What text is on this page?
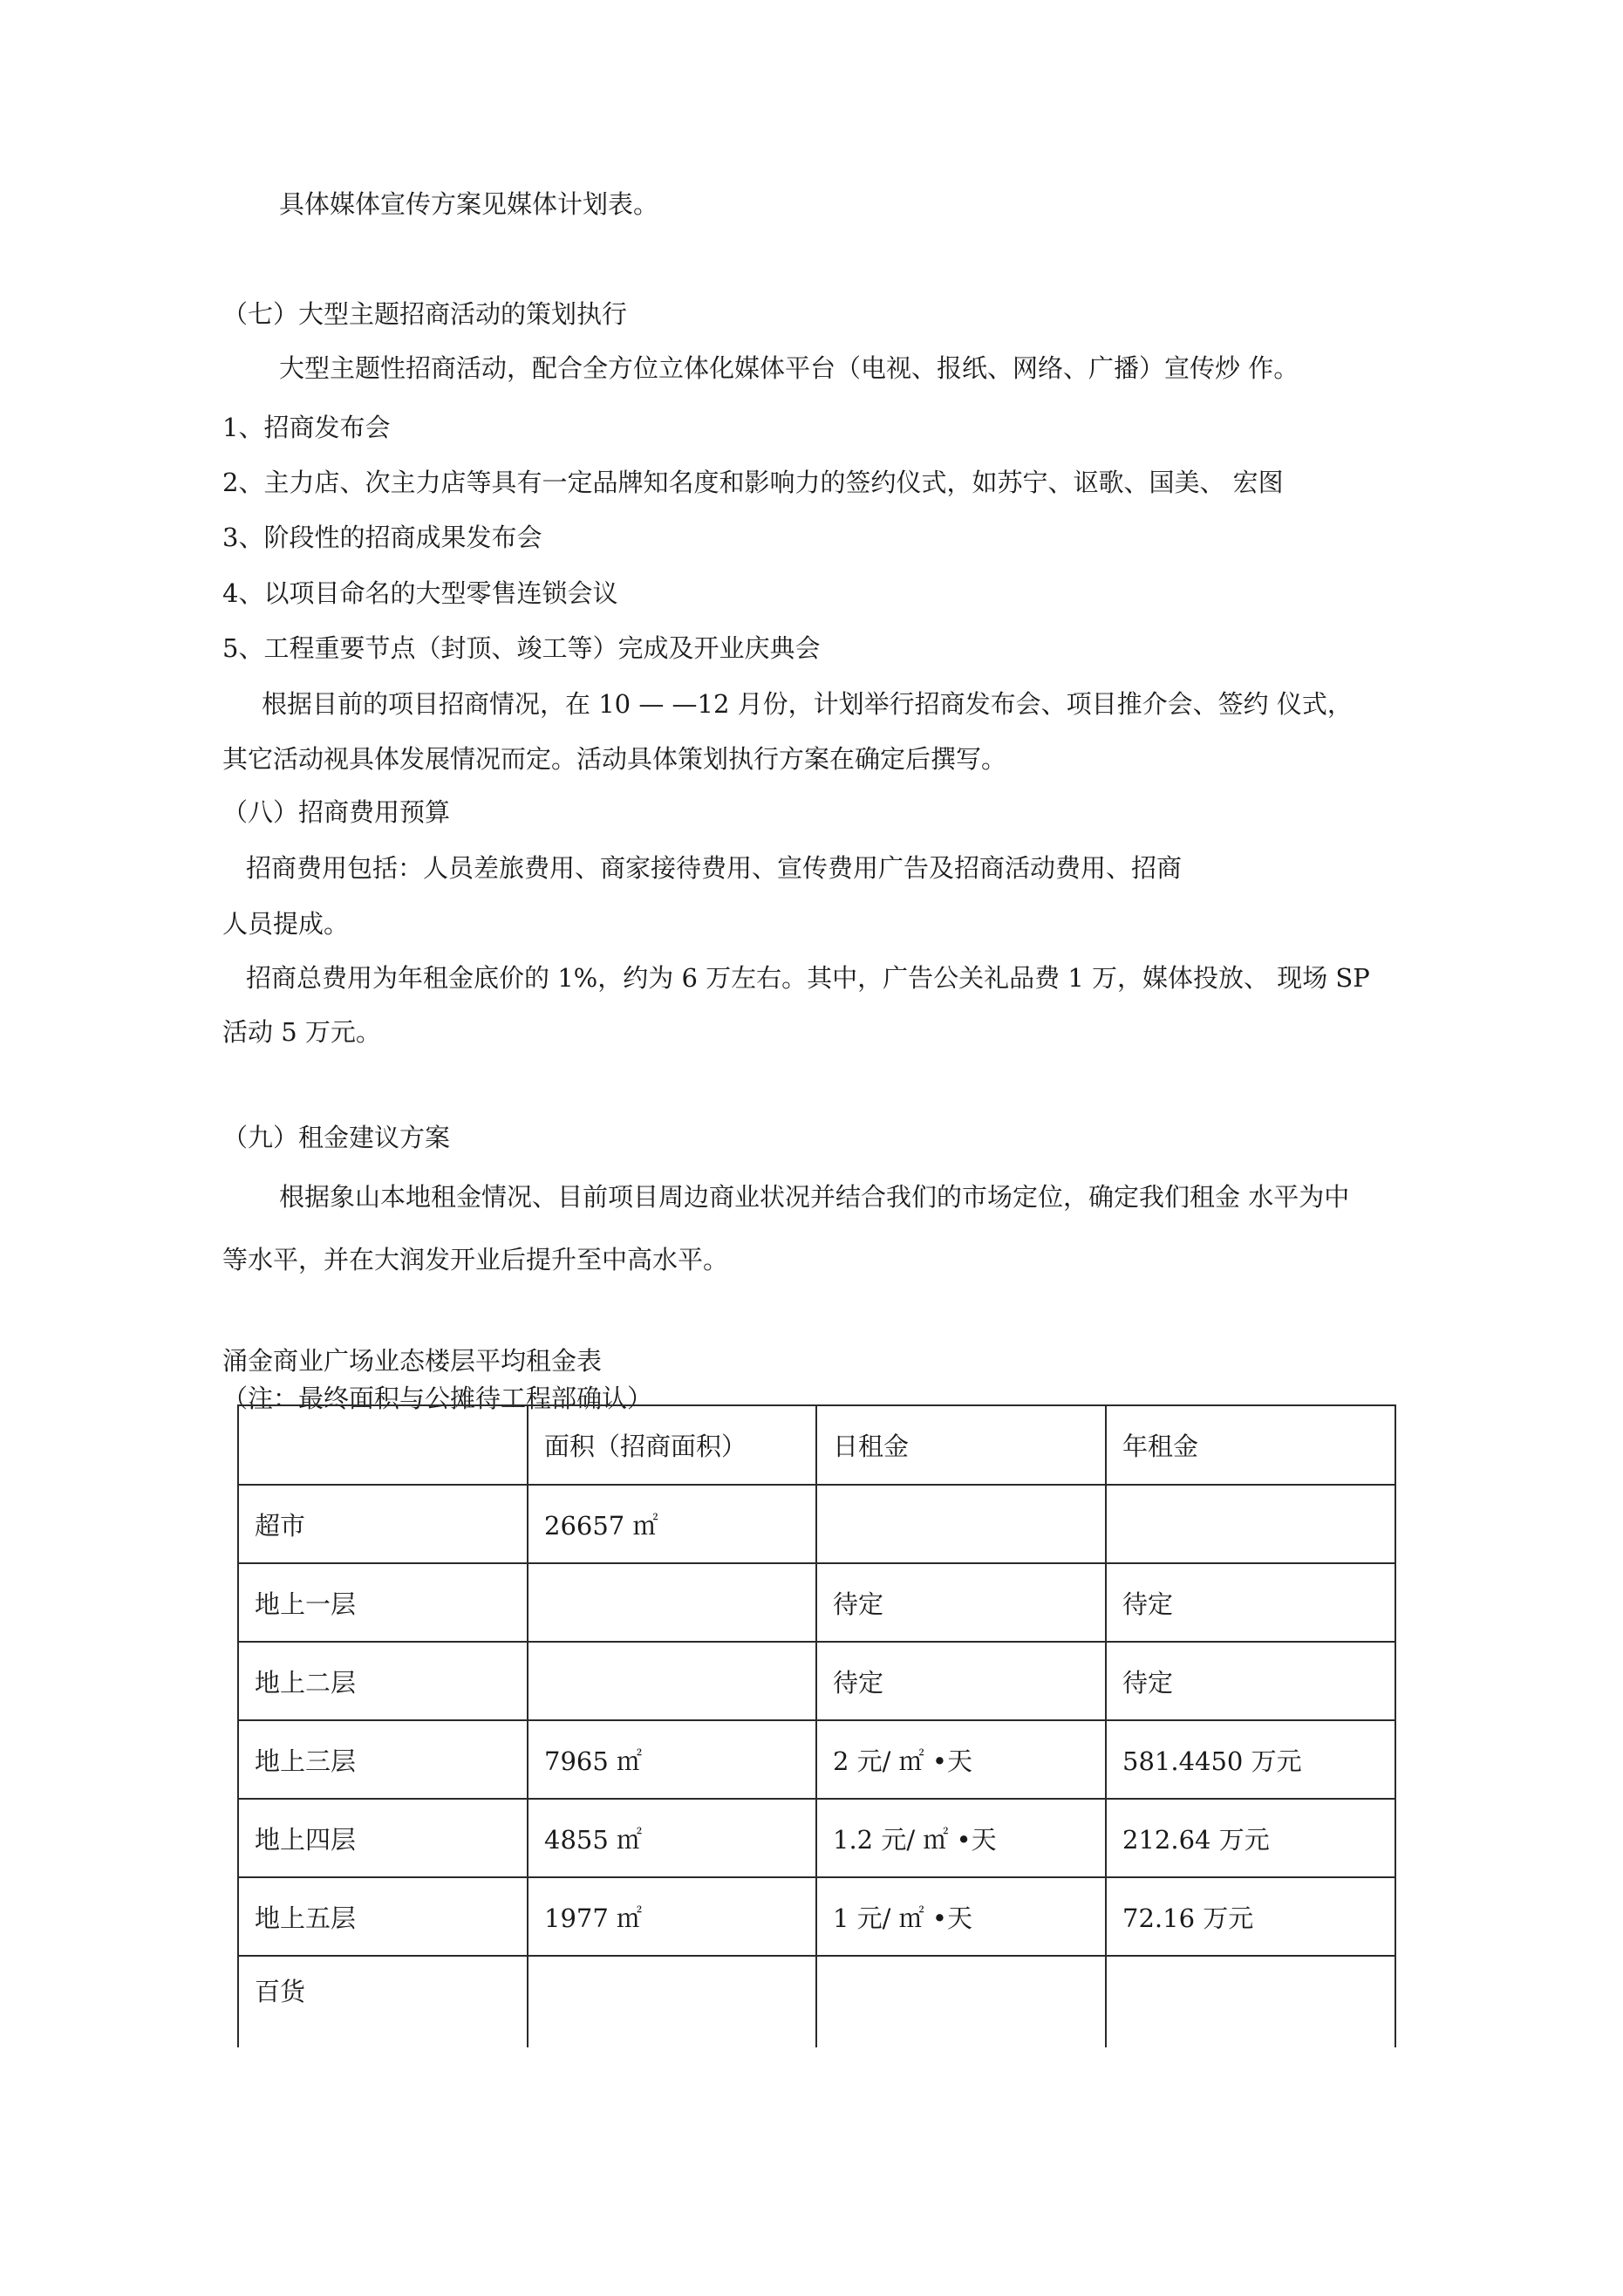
具体媒体宣传方案见媒体计划表。

（七）大型主题招商活动的策划执行

大型主题性招商活动，配合全方位立体化媒体平台（电视、报纸、网络、广播）宣传炒 作。

1、招商发布会

2、主力店、次主力店等具有一定品牌知名度和影响力的签约仪式，如苏宁、讴歌、国美、 宏图

3、阶段性的招商成果发布会

4、以项目命名的大型零售连锁会议

5、工程重要节点（封顶、竣工等）完成及开业庆典会

根据目前的项目招商情况，在 10 — —12 月份，计划举行招商发布会、项目推介会、签约 仪式，

其它活动视具体发展情况而定。活动具体策划执行方案在确定后撰写。

（八）招商费用预算

招商费用包括：人员差旅费用、商家接待费用、宣传费用广告及招商活动费用、招商

人员提成。

招商总费用为年租金底价的 1%，约为 6 万左右。其中，广告公关礼品费 1 万，媒体投放、 现场 SP

活动 5 万元。

（九）租金建议方案

根据象山本地租金情况、目前项目周边商业状况并结合我们的市场定位，确定我们租金 水平为中

等水平，并在大润发开业后提升至中高水平。

涌金商业广场业态楼层平均租金表

（注：最终面积与公摊待工程部确认）

	面积（招商面积）	日租金	年租金
超市	26657 ㎡		
地上一层		待定	待定
地上二层		待定	待定
地上三层	7965 ㎡	2 元/ ㎡ •天	581.4450 万元
地上四层	4855 ㎡	1.2 元/ ㎡ •天	212.64 万元
地上五层	1977 ㎡	1 元/ ㎡ •天	72.16 万元
百货			
